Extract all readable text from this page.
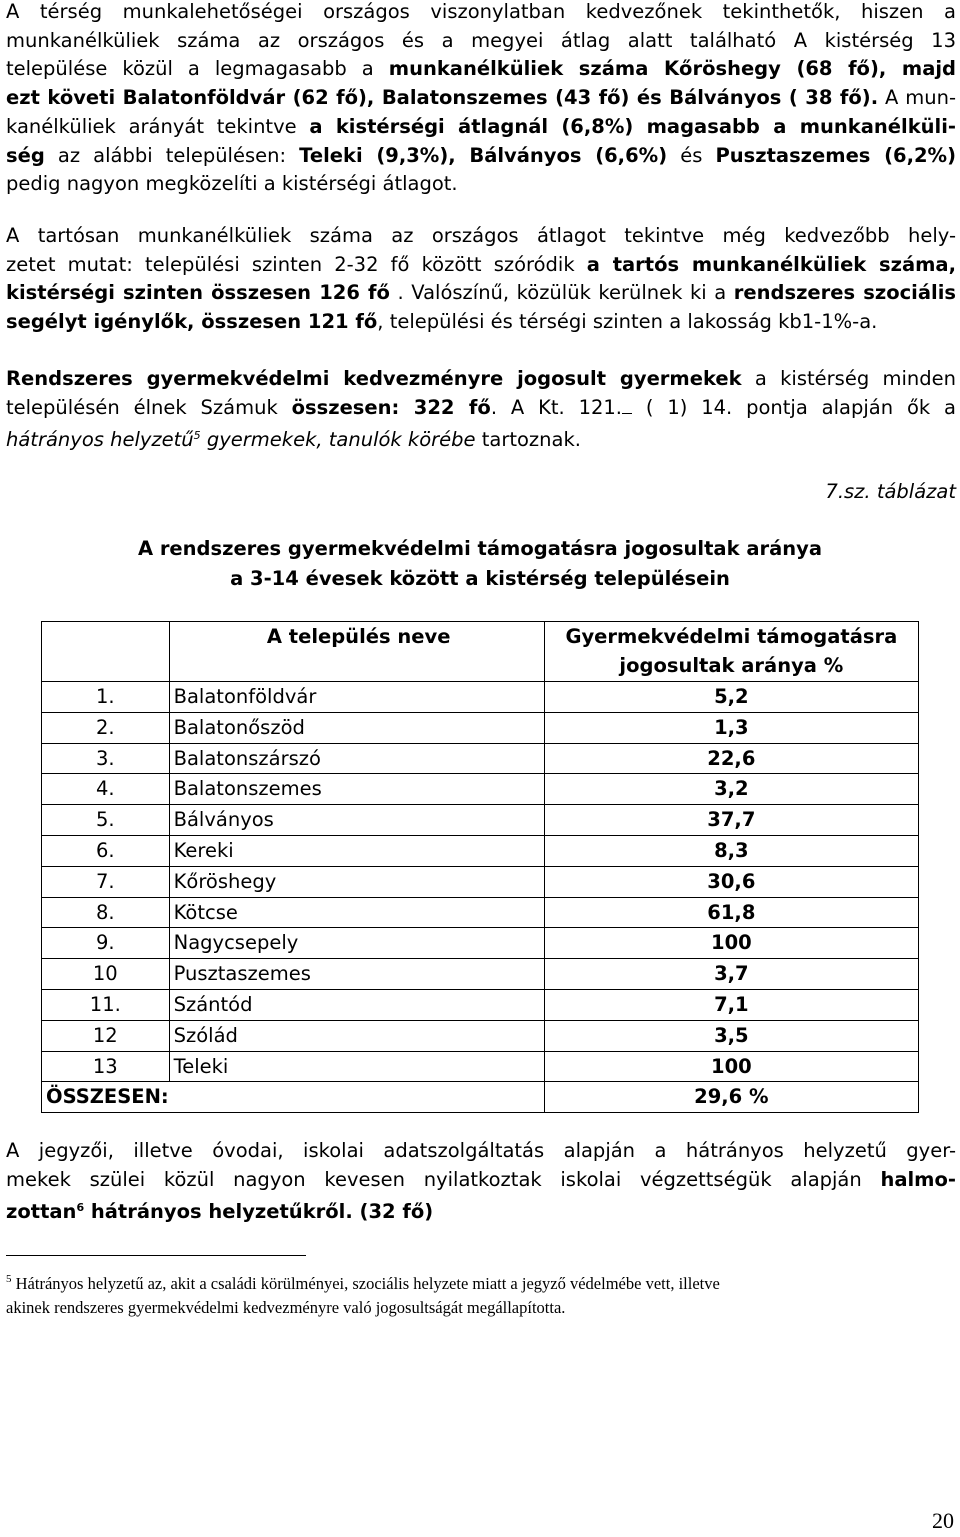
A térség munkalehetőségei országos viszonylatban kedvezőnek tekinthetők, hiszen a
munkanélküliek száma az országos és a megyei átlag alatt található A kistérség 13
települése közül a legmagasabb a munkanélküliek száma Kőröshegy (68 fő), majd
ezt követi Balatonföldvár (62 fő), Balatonszemes (43 fő) és Bálványos ( 38 fő). A mun-
kanélküliek arányát tekintve a kistérségi átlagnál (6,8%) magasabb a munkanélküli-
ség az alábbi településen: Teleki (9,3%), Bálványos (6,6%) és Pusztaszemes (6,2%)
pedig nagyon megközelíti a kistérségi átlagot.
A tartósan munkanélküliek száma az országos átlagot tekintve még kedvezőbb hely-
zetet mutat: települési szinten 2-32 fő között szóródik a tartós munkanélküliek száma,
kistérségi szinten összesen 126 fő . Valószínű, közülük kerülnek ki a rendszeres szociális
segélyt igénylők, összesen 121 fő, települési és térségi szinten a lakosság kb1-1%-a.
Rendszeres gyermekvédelmi kedvezményre jogosult gyermekek a kistérség minden
településén élnek Számuk összesen: 322 fő. A Kt. 121. ( 1) 14. pontja alapján ők a
hátrányos helyzetű$^5$ gyermekek, tanulók körébe tartoznak.
7.sz. táblázat
A rendszeres gyermekvédelmi támogatásra jogosultak aránya
a 3-14 évesek között a kistérség településein
	A település neve	Gyermekvédelmi támogatásra
jogosultak aránya %

1.	Balatonföldvár	5,2
2.	Balatonőszöd	1,3
3.	Balatonszárszó	22,6
4.	Balatonszemes	3,2
5.	Bálványos	37,7
6.	Kereki	8,3
7.	Kőröshegy	30,6
8.	Kötcse	61,8
9.	Nagycsepely	100
10	Pusztaszemes	3,7
11.	Szántód	7,1
12	Szólád	3,5
13	Teleki	100
ÖSSZESEN:		29,6 %
A jegyzői, illetve óvodai, iskolai adatszolgáltatás alapján a hátrányos helyzetű gyer-
mekek szülei közül nagyon kevesen nyilatkoztak iskolai végzettségük alapján halmo-
zottan$^6$ hátrányos helyzetűkről. (32 fő)
$^5$ Hátrányos helyzetű az, akit a családi körülményei, szociális helyzete miatt a jegyző védelmébe vett, illetve
akinek rendszeres gyermekvédelmi kedvezményre való jogosultságát megállapította.
20
